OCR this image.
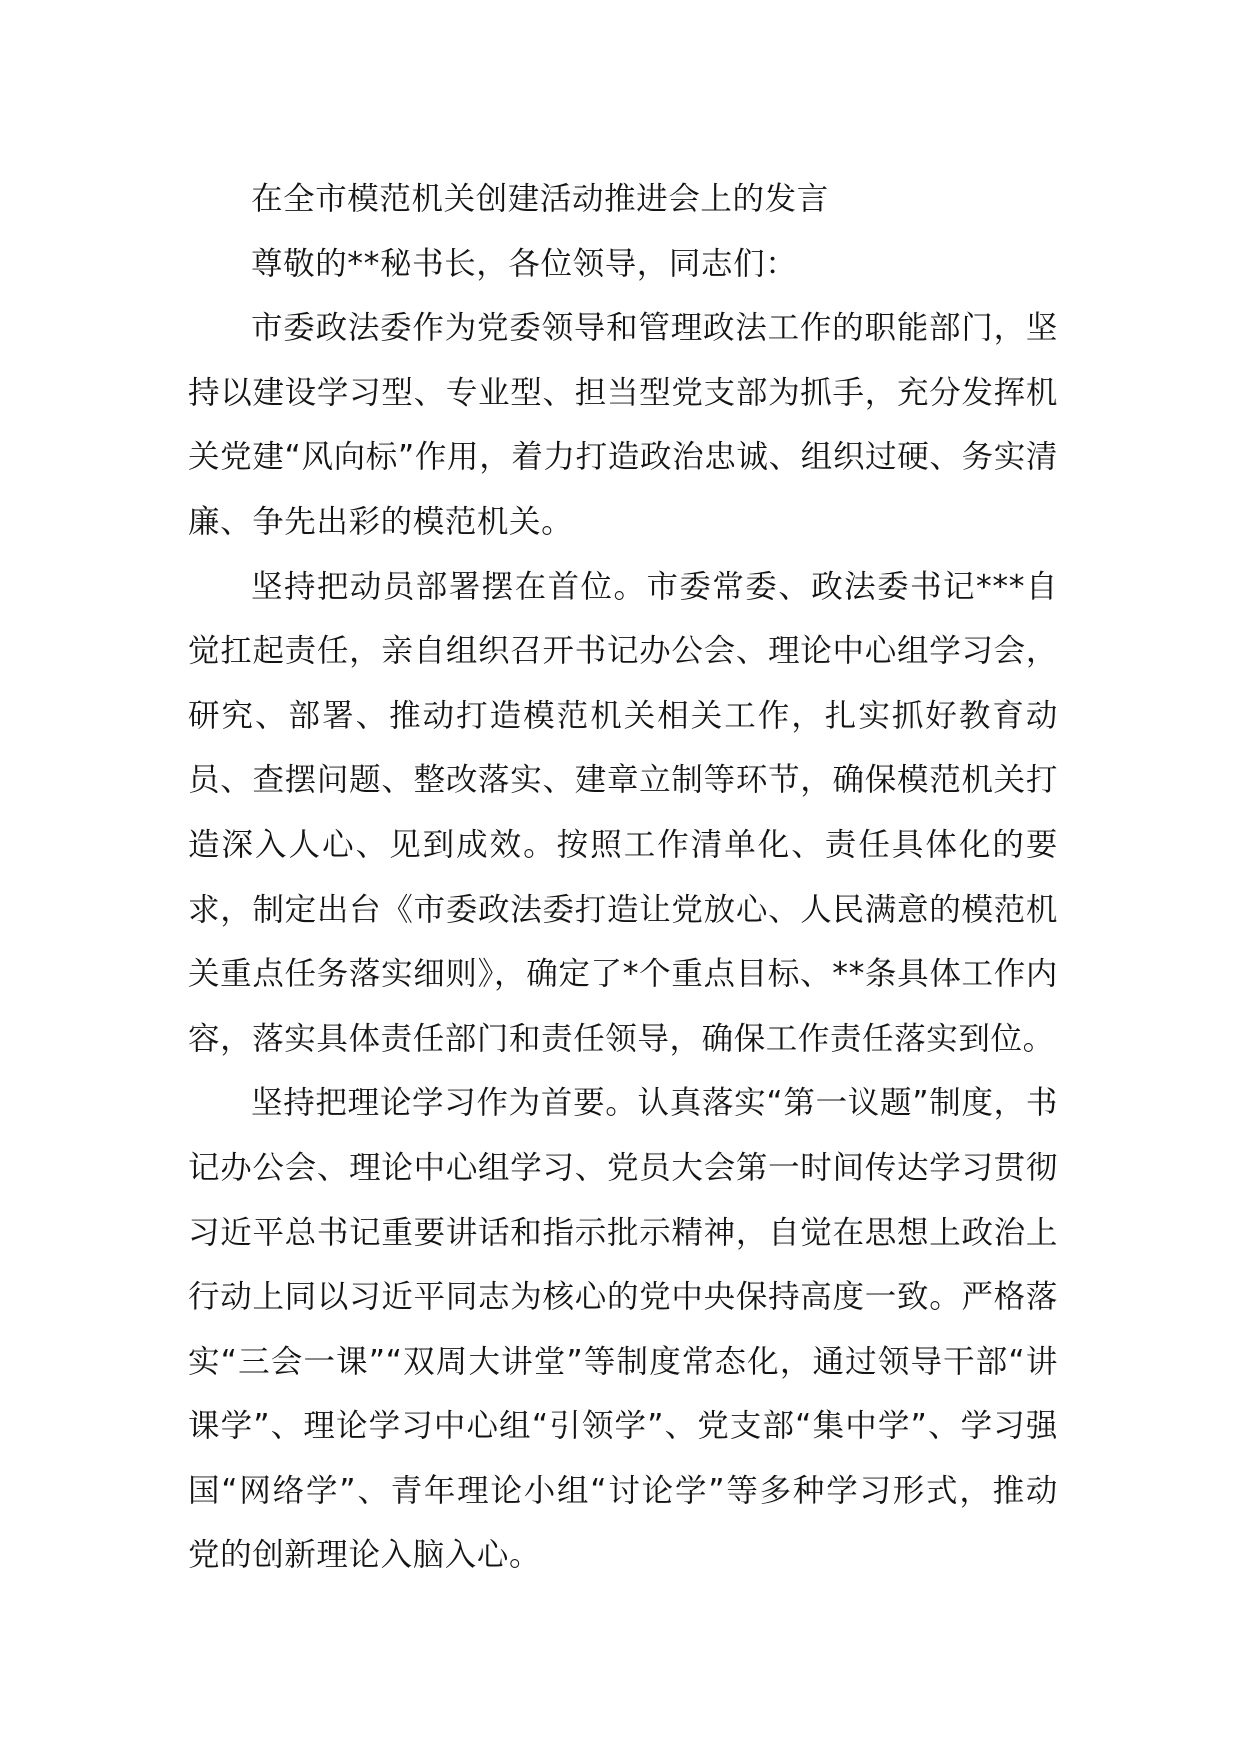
在全市模范机关创建活动推进会上的发言

尊敬的**秘书长，各位领导，同志们：

市委政法委作为党委领导和管理政法工作的职能部门，坚持以建设学习型、专业型、担当型党支部为抓手，充分发挥机关党建“风向标”作用，着力打造政治忠诚、组织过硬、务实清廉、争先出彩的模范机关。

坚持把动员部署摆在首位。市委常委、政法委书记***自觉扛起责任，亲自组织召开书记办公会、理论中心组学习会，研究、部署、推动打造模范机关相关工作，扎实抓好教育动员、查摆问题、整改落实、建章立制等环节，确保模范机关打造深入人心、见到成效。按照工作清单化、责任具体化的要求，制定出台《市委政法委打造让党放心、人民满意的模范机关重点任务落实细则》，确定了*个重点目标、**条具体工作内容，落实具体责任部门和责任领导，确保工作责任落实到位。

坚持把理论学习作为首要。认真落实“第一议题”制度，书记办公会、理论中心组学习、党员大会第一时间传达学习贯彻习近平总书记重要讲话和指示批示精神，自觉在思想上政治上行动上同以习近平同志为核心的党中央保持高度一致。严格落实“三会一课”“双周大讲堂”等制度常态化，通过领导干部“讲课学”、理论学习中心组“引领学”、党支部“集中学”、学习强国“网络学”、青年理论小组“讨论学”等多种学习形式，推动党的创新理论入脑入心。
